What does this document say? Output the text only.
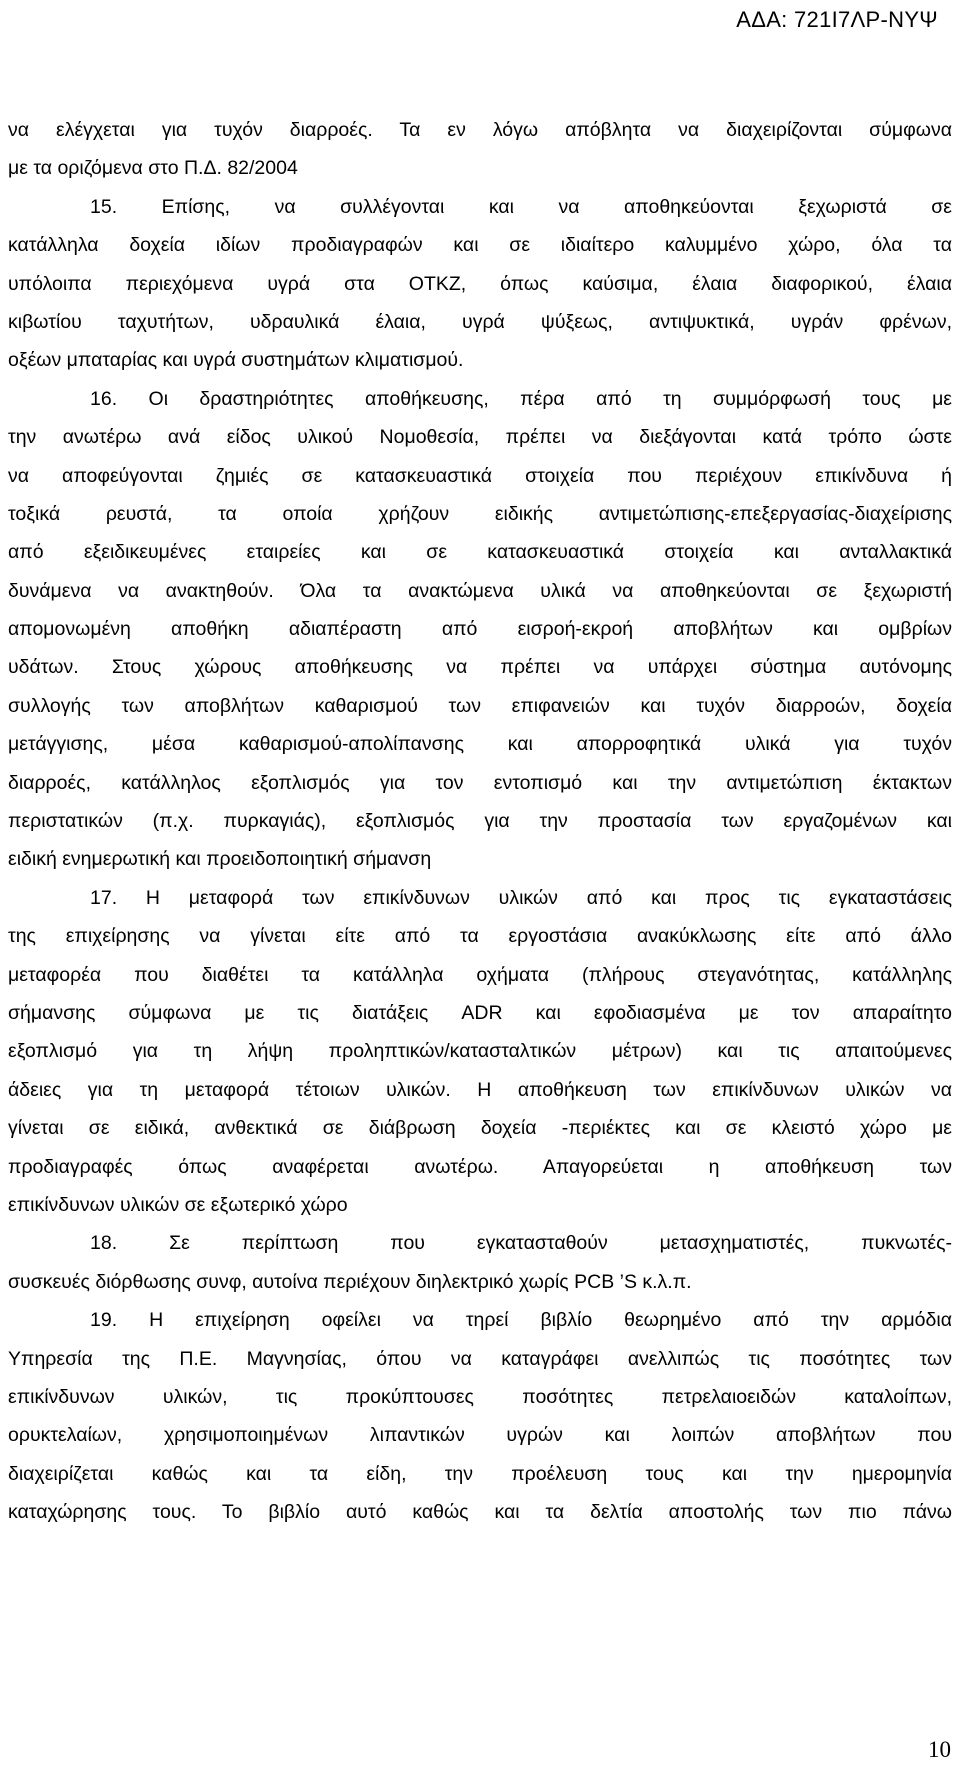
ΑΔΑ: 721Ι7ΛΡ-ΝΥΨ
να ελέγχεται για τυχόν διαρροές. Τα εν λόγω απόβλητα να διαχειρίζονται σύμφωνα
με τα οριζόμενα στο Π.Δ. 82/2004
15. Επίσης, να συλλέγονται και να αποθηκεύονται ξεχωριστά σε
κατάλληλα δοχεία ιδίων προδιαγραφών και σε ιδιαίτερο καλυμμένο χώρο, όλα τα
υπόλοιπα περιεχόμενα υγρά στα ΟΤΚΖ, όπως καύσιμα, έλαια διαφορικού, έλαια
κιβωτίου ταχυτήτων, υδραυλικά έλαια, υγρά ψύξεως, αντιψυκτικά, υγράν φρένων,
οξέων μπαταρίας και υγρά συστημάτων κλιματισμού.
16. Οι δραστηριότητες αποθήκευσης, πέρα από τη συμμόρφωσή τους με
την ανωτέρω ανά είδος υλικού Νομοθεσία, πρέπει να διεξάγονται κατά τρόπο ώστε
να αποφεύγονται ζημιές σε κατασκευαστικά στοιχεία που περιέχουν επικίνδυνα ή
τοξικά ρευστά, τα οποία χρήζουν ειδικής αντιμετώπισης-επεξεργασίας-διαχείρισης
από εξειδικευμένες εταιρείες και σε κατασκευαστικά στοιχεία και ανταλλακτικά
δυνάμενα να ανακτηθούν. Όλα τα ανακτώμενα υλικά να αποθηκεύονται σε ξεχωριστή
απομονωμένη αποθήκη αδιαπέραστη από εισροή-εκροή αποβλήτων και ομβρίων
υδάτων. Στους χώρους αποθήκευσης να πρέπει να υπάρχει σύστημα αυτόνομης
συλλογής των αποβλήτων καθαρισμού των επιφανειών και τυχόν διαρροών, δοχεία
μετάγγισης, μέσα καθαρισμού-απολίπανσης και απορροφητικά υλικά για τυχόν
διαρροές, κατάλληλος εξοπλισμός για τον εντοπισμό και την αντιμετώπιση έκτακτων
περιστατικών (π.χ. πυρκαγιάς), εξοπλισμός για την προστασία των εργαζομένων και
ειδική ενημερωτική και προειδοποιητική σήμανση
17. Η μεταφορά των επικίνδυνων υλικών από και προς τις εγκαταστάσεις
της επιχείρησης να γίνεται είτε από τα εργοστάσια ανακύκλωσης είτε από άλλο
μεταφορέα που διαθέτει τα κατάλληλα οχήματα (πλήρους στεγανότητας, κατάλληλης
σήμανσης σύμφωνα με τις διατάξεις ADR και εφοδιασμένα με τον απαραίτητο
εξοπλισμό για τη λήψη προληπτικών/κατασταλτικών μέτρων) και τις απαιτούμενες
άδειες για τη μεταφορά τέτοιων υλικών. Η αποθήκευση των επικίνδυνων υλικών να
γίνεται σε ειδικά, ανθεκτικά σε διάβρωση δοχεία -περιέκτες και σε κλειστό χώρο με
προδιαγραφές όπως αναφέρεται ανωτέρω. Απαγορεύεται η αποθήκευση των
επικίνδυνων υλικών σε εξωτερικό χώρο
18. Σε περίπτωση που εγκατασταθούν μετασχηματιστές, πυκνωτές-
συσκευές διόρθωσης συνφ, αυτοίνα περιέχουν διηλεκτρικό χωρίς PCB ’S κ.λ.π.
19. Η επιχείρηση οφείλει να τηρεί βιβλίο θεωρημένο από την αρμόδια
Υπηρεσία της Π.Ε. Μαγνησίας, όπου να καταγράφει ανελλιπώς τις ποσότητες των
επικίνδυνων υλικών, τις προκύπτουσες ποσότητες πετρελαιοειδών καταλοίπων,
ορυκτελαίων, χρησιμοποιημένων λιπαντικών υγρών και λοιπών αποβλήτων που
διαχειρίζεται καθώς και τα είδη, την προέλευση τους και την ημερομηνία
καταχώρησης τους. Το βιβλίο αυτό καθώς και τα δελτία αποστολής των πιο πάνω
10
